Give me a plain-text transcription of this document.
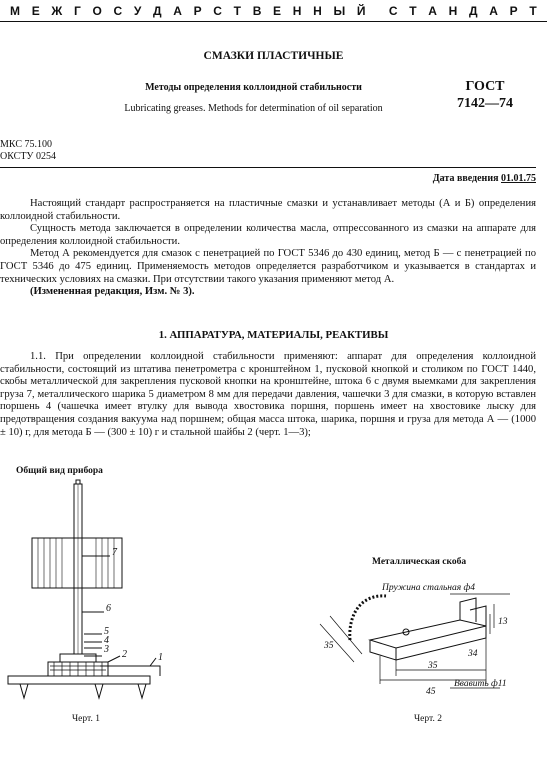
М Е Ж Г О С У Д А Р С Т В Е Н Н Ы Й С Т А Н Д А Р Т
СМАЗКИ ПЛАСТИЧНЫЕ
Методы определения коллоидной стабильности
Lubricating greases. Methods for determination of oil separation
ГОСТ
7142—74
МКС 75.100
ОКСТУ 0254
Дата введения 01.01.75
Настоящий стандарт распространяется на пластичные смазки и устанавливает методы (А и Б) определения коллоидной стабильности.
Сущность метода заключается в определении количества масла, отпрессованного из смазки на аппарате для определения коллоидной стабильности.
Метод А рекомендуется для смазок с пенетрацией по ГОСТ 5346 до 430 единиц, метод Б — с пенетрацией по ГОСТ 5346 до 475 единиц. Применяемость методов определяется разработчиком и указывается в стандартах и технических условиях на смазки. При отсутствии такого указания применяют метод А.
(Измененная редакция, Изм. № 3).
1. АППАРАТУРА, МАТЕРИАЛЫ, РЕАКТИВЫ
1.1. При определении коллоидной стабильности применяют: аппарат для определения коллоидной стабильности, состоящий из штатива пенетрометра с кронштейном 1, пусковой кнопкой и столиком по ГОСТ 1440, скобы металлической для закрепления пусковой кнопки на кронштейне, штока 6 с двумя выемками для закрепления груза 7, металлического шарика 5 диаметром 8 мм для передачи давления, чашечки 3 для смазки, в которую вставлен поршень 4 (чашечка имеет втулку для вывода хвостовика поршня, поршень имеет на хвостовике лыску для предотвращения создания вакуума над поршнем; общая масса штока, шарика, поршня и груза для метода А — (1000 ± 10) г, для метода Б — (300 ± 10) г и стальной шайбы 2 (черт. 1—3);
Общий вид прибора
7
6
5
4
3 2	1
Черт. 1
Металлическая скоба
Пружина стальная ф4
35
45
35
34
13
Ввавить ф11
Черт. 2
